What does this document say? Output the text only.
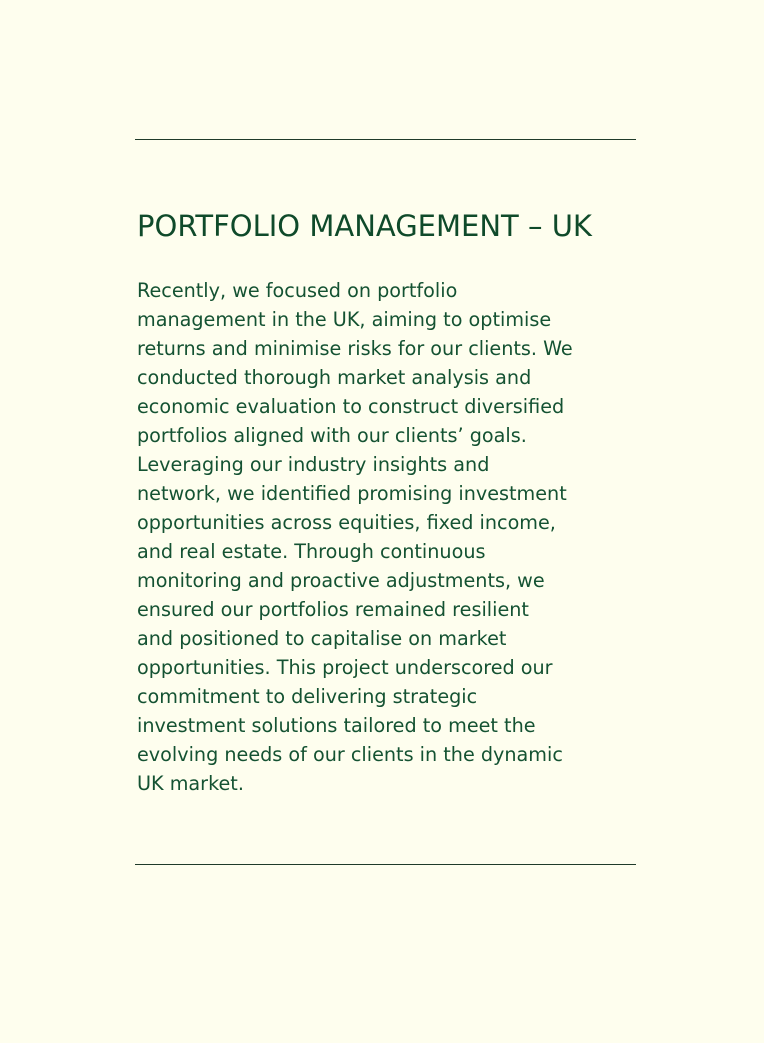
PORTFOLIO MANAGEMENT – UK

Recently, we focused on portfolio
management in the UK, aiming to optimise
returns and minimise risks for our clients. We
conducted thorough market analysis and
economic evaluation to construct diversified
portfolios aligned with our clients’ goals.
Leveraging our industry insights and
network, we identified promising investment
opportunities across equities, fixed income,
and real estate. Through continuous
monitoring and proactive adjustments, we
ensured our portfolios remained resilient
and positioned to capitalise on market
opportunities. This project underscored our
commitment to delivering strategic
investment solutions tailored to meet the
evolving needs of our clients in the dynamic
UK market.
